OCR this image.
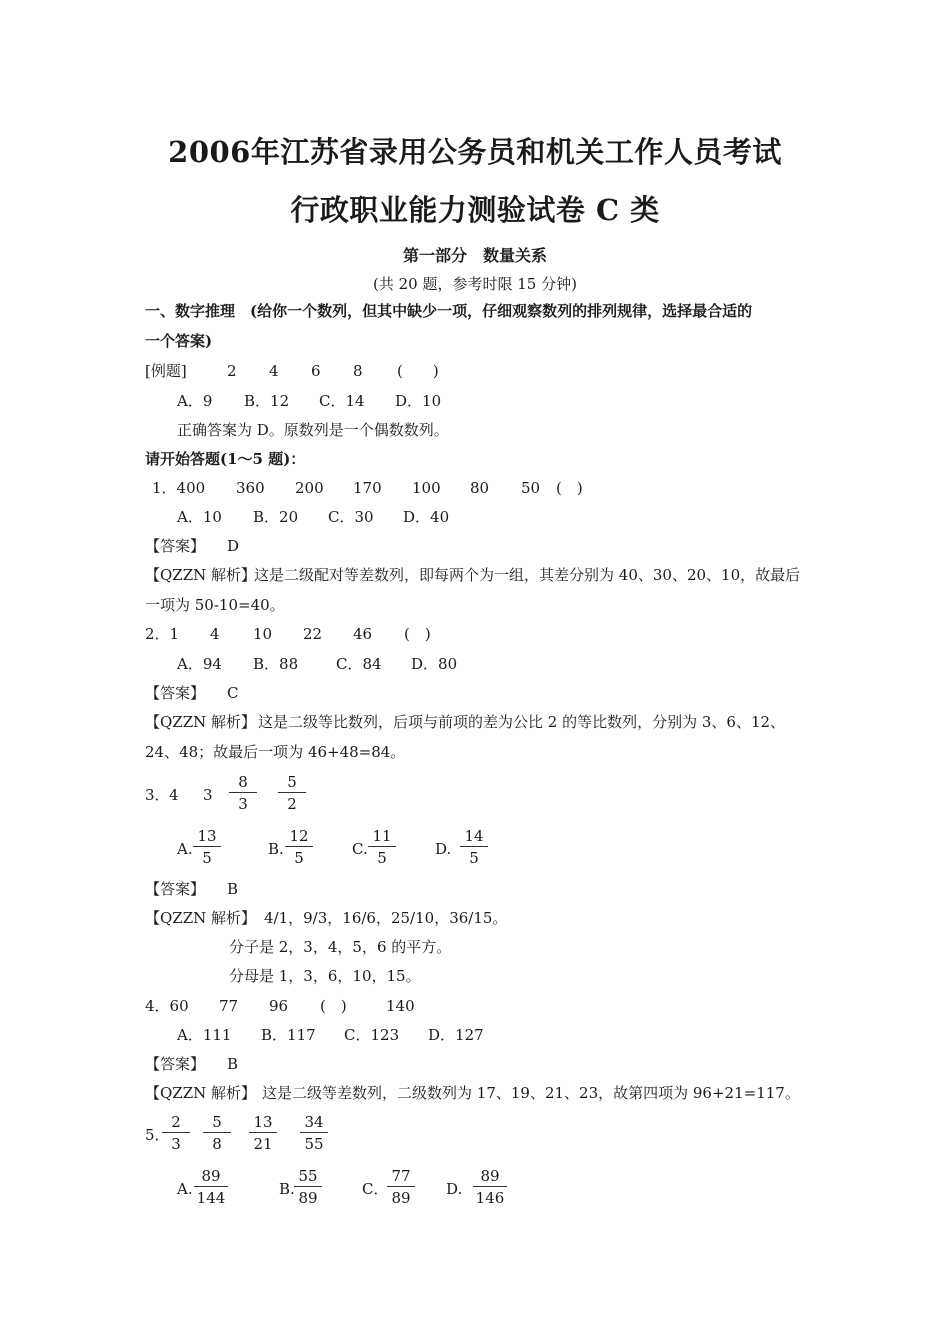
2006年江苏省录用公务员和机关工作人员考试
行政职业能力测验试卷 C 类
第一部分　数量关系
(共 20 题，参考时限 15 分钟)
一、数字推理　(给你一个数列，但其中缺少一项，仔细观察数列的排列规律，选择最合适的
一个答案)
[例题]	2 4 6 8 (　　)
A．9 B．12 C．14 D．10
正确答案为 D。原数列是一个偶数数列。
请开始答题(1～5 题)：
1．400 360 200 170 100 80 50 (　)
A．10 B．20 C．30 D．40
【答案】 D
【QZZN 解析】
这是二级配对等差数列，即每两个为一组，其差分别为 40、30、20、10，故最后
一项为 50-10=40。
2．1 4 10 22 46 (　)
A．94 B．88	C．84 D．80
【答案】 C
【QZZN 解析】 这是二级等比数列，后项与前项的差为公比 2 的等比数列，分别为 3、6、12、
24、48；故最后一项为 46+48=84。
3． 4 3
8
3
5
2
A.
13
5	B.
12
5	C.
11
5	D.
14
5
【答案】 B
【QZZN 解析】 4/1，9/3，16/6，25/10，36/15。
分子是 2，3，4，5，6 的平方。
分母是 1，3，6，10，15。
4．60 77 96 (　)	140
A．111 B．117 C．123 D．127
【答案】 B
【QZZN 解析】 这是二级等差数列，二级数列为 17、19、21、23，故第四项为 96+21=117。
5．
2
3
5
8
13
21
34
55
A.
89
144	B.
55
89	C．
77
89	D.
89
146
